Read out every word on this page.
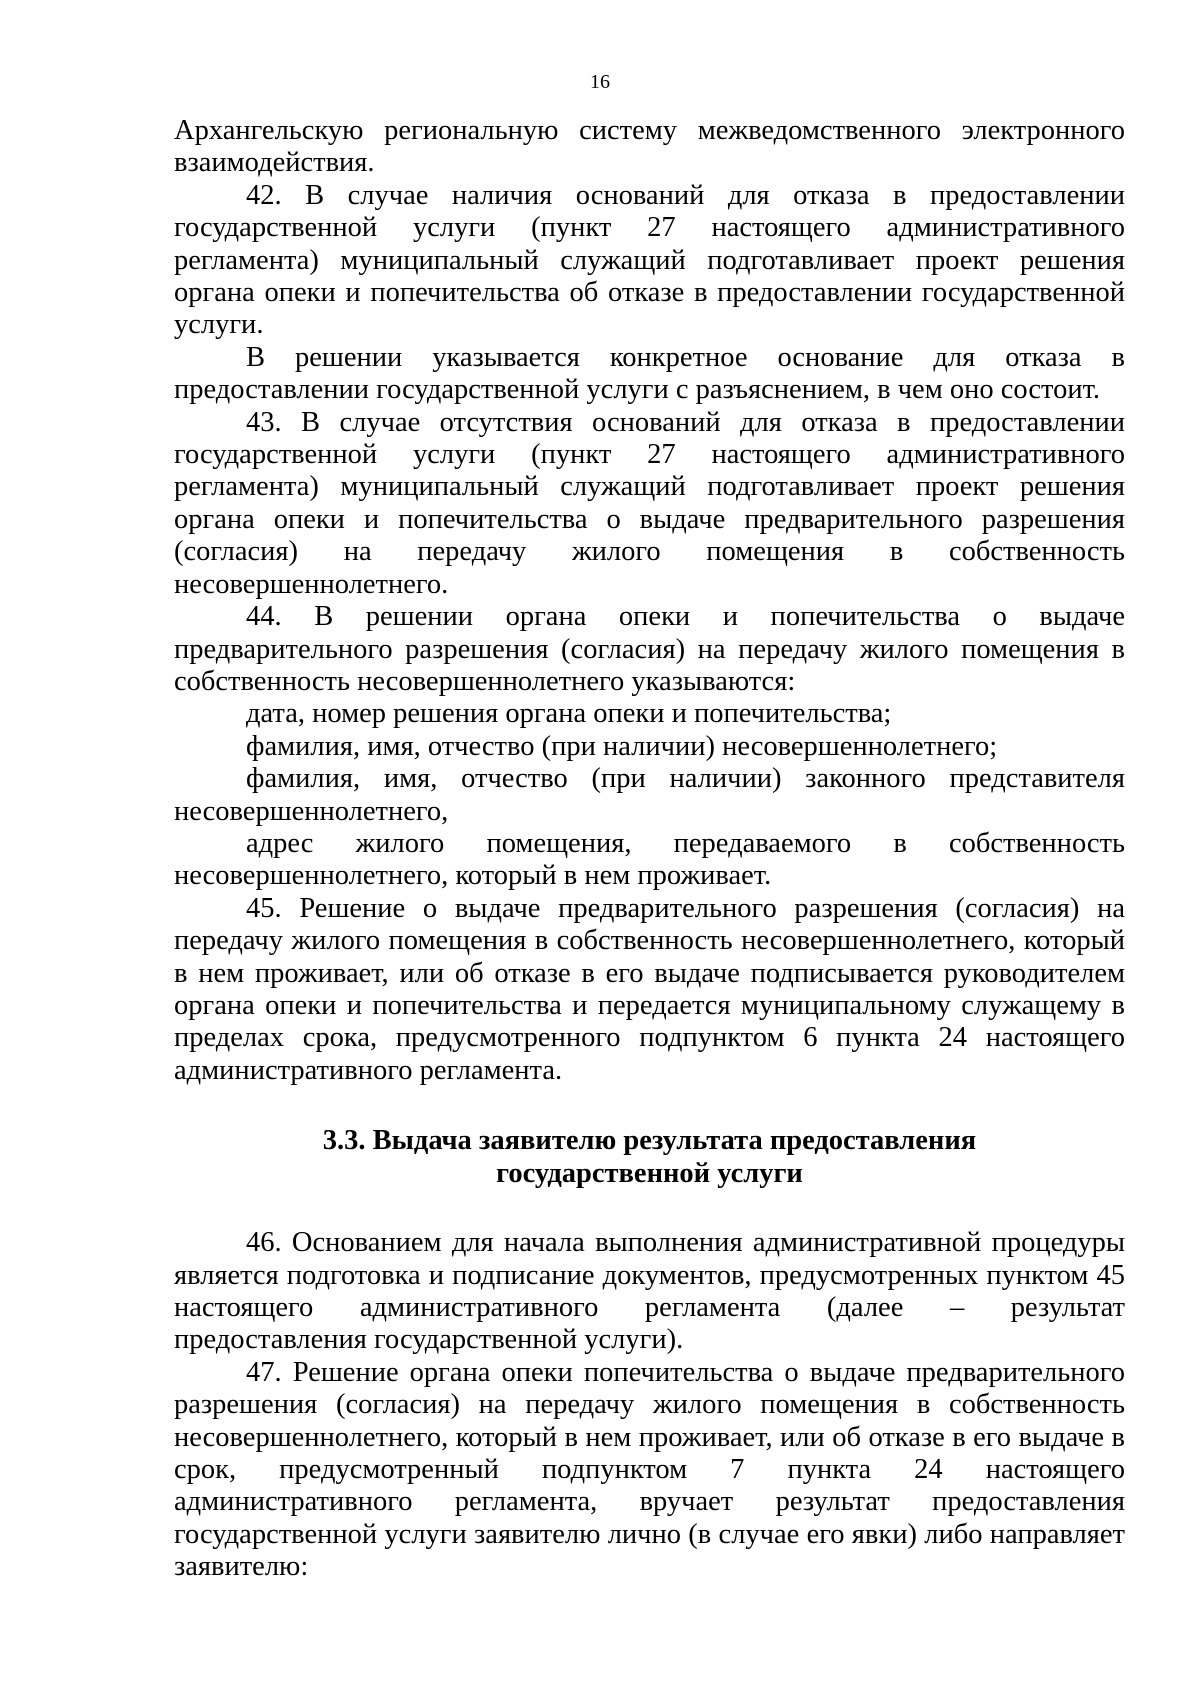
16

Архангельскую региональную систему межведомственного электронного взаимодействия.

42. В случае наличия оснований для отказа в предоставлении государственной услуги (пункт 27 настоящего административного регламента) муниципальный служащий подготавливает проект решения органа опеки и попечительства об отказе в предоставлении государственной услуги.

В решении указывается конкретное основание для отказа в предоставлении государственной услуги с разъяснением, в чем оно состоит.

43. В случае отсутствия оснований для отказа в предоставлении государственной услуги (пункт 27 настоящего административного регламента) муниципальный служащий подготавливает проект решения органа опеки и попечительства о выдаче предварительного разрешения (согласия) на передачу жилого помещения в собственность несовершеннолетнего.

44. В решении органа опеки и попечительства о выдаче предварительного разрешения (согласия) на передачу жилого помещения в собственность несовершеннолетнего указываются:

дата, номер решения органа опеки и попечительства;

фамилия, имя, отчество (при наличии) несовершеннолетнего;

фамилия, имя, отчество (при наличии) законного представителя несовершеннолетнего,

адрес жилого помещения, передаваемого в собственность несовершеннолетнего, который в нем проживает.

45. Решение о выдаче предварительного разрешения (согласия) на передачу жилого помещения в собственность несовершеннолетнего, который в нем проживает, или об отказе в его выдаче подписывается руководителем органа опеки и попечительства и передается муниципальному служащему в пределах срока, предусмотренного подпунктом 6 пункта 24 настоящего административного регламента.

3.3. Выдача заявителю результата предоставления
государственной услуги

46. Основанием для начала выполнения административной процедуры является подготовка и подписание документов, предусмотренных пунктом 45 настоящего административного регламента (далее – результат предоставления государственной услуги).

47. Решение органа опеки попечительства о выдаче предварительного разрешения (согласия) на передачу жилого помещения в собственность несовершеннолетнего, который в нем проживает, или об отказе в его выдаче в срок, предусмотренный подпунктом 7 пункта 24 настоящего административного регламента, вручает результат предоставления государственной услуги заявителю лично (в случае его явки) либо направляет заявителю:
